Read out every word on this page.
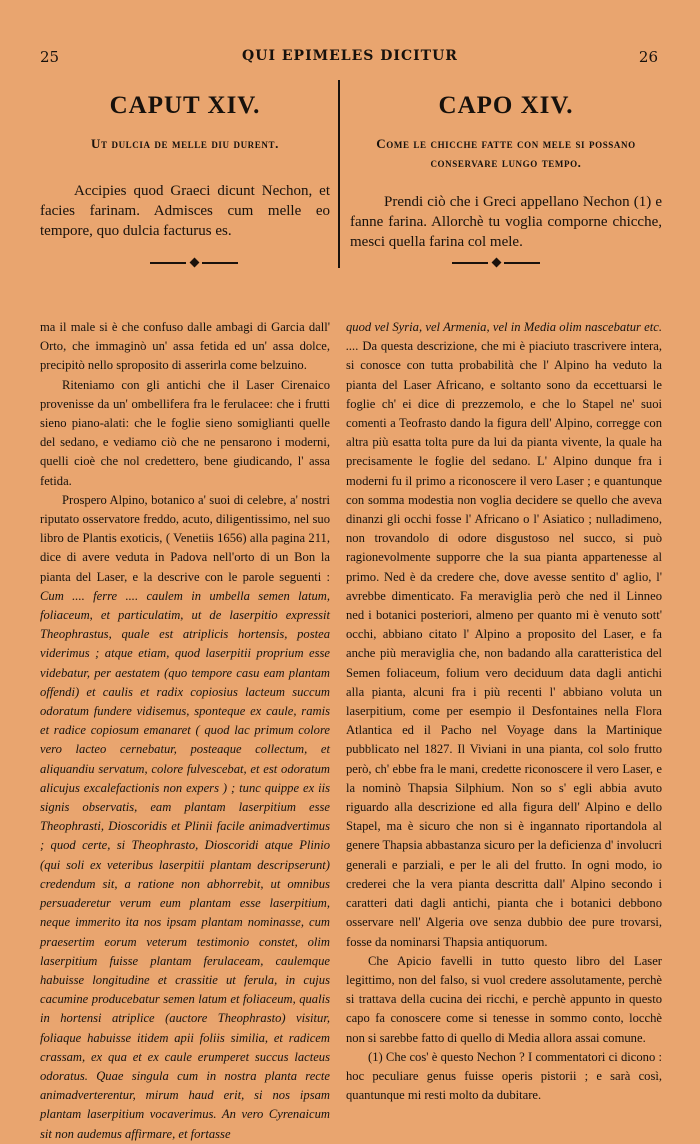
25	QUI EPIMELES DICITUR	26
CAPUT XIV.
Ut dulcia de melle diu durent.
Accipies quod Graeci dicunt Nechon, et facies farinam. Admisces cum melle eo tempore, quo dulcia facturus es.
CAPO XIV.
Come le chicche fatte con mele si possano
conservare lungo tempo.
Prendi ciò che i Greci appellano Nechon (1) e fanne farina. Allorchè tu voglia comporne chicche, mesci quella farina col mele.

ma il male si è che confuso dalle ambagi di Garcia dall' Orto, che immaginò un' assa fetida ed un' assa dolce, precipitò nello sproposito di asserirla come belzuino.

Riteniamo con gli antichi che il Laser Cirenaico provenisse da un' ombellifera fra le ferulacee: che i frutti sieno piano-alati: che le foglie sieno somiglianti quelle del sedano, e vediamo ciò che ne pensarono i moderni, quelli cioè che nol credettero, bene giudicando, l' assa fetida.

Prospero Alpino, botanico a' suoi di celebre, a' nostri riputato osservatore freddo, acuto, diligentissimo, nel suo libro de Plantis exoticis, ( Venetiis 1656) alla pagina 211, dice di avere veduta in Padova nell'orto di un Bon la pianta del Laser, e la descrive con le parole seguenti : Cum .... ferre .... caulem in umbella semen latum, foliaceum, et particulatim, ut de laserpitio expressit Theophrastus, quale est atriplicis hortensis, postea viderimus ; atque etiam, quod laserpitii proprium esse videbatur, per aestatem (quo tempore casu eam plantam offendi) et caulis et radix copiosius lacteum succum odoratum fundere vidisemus, sponteque ex caule, ramis et radice copiosum emanaret ( quod lac primum colore vero lacteo cernebatur, posteaque collectum, et aliquandiu servatum, colore fulvescebat, et est odoratum alicujus excalefactionis non expers ) ; tunc quippe ex iis signis observatis, eam plantam laserpitium esse Theophrasti, Dioscoridis et Plinii facile animadvertimus ; quod certe, si Theophrasto, Dioscoridi atque Plinio (qui soli ex veteribus laserpitii plantam descripserunt) credendum sit, a ratione non abhorrebit, ut omnibus persuaderetur verum eum plantam esse laserpitium, neque immerito ita nos ipsam plantam nominasse, cum praesertim eorum veterum testimonio constet, olim laserpitium fuisse plantam ferulaceam, caulemque habuisse longitudine et crassitie ut ferula, in cujus cacumine producebatur semen latum et foliaceum, qualis in hortensi atriplice (auctore Theophrasto) visitur, foliaque habuisse itidem apii foliis similia, et radicem crassam, ex qua et ex caule erumperet succus lacteus odoratus. Quae singula cum in nostra planta recte animadverterentur, mirum haud erit, si nos ipsam plantam laserpitium vocaverimus. An vero Cyrenaicum sit non audemus affirmare, et fortasse

quod vel Syria, vel Armenia, vel in Media olim nascebatur etc. .... Da questa descrizione, che mi è piaciuto trascrivere intera, si conosce con tutta probabilità che l' Alpino ha veduto la pianta del Laser Africano, e soltanto sono da eccettuarsi le foglie ch' ei dice di prezzemolo, e che lo Stapel ne' suoi comenti a Teofrasto dando la figura dell' Alpino, corregge con altra più esatta tolta pure da lui da pianta vivente, la quale ha precisamente le foglie del sedano. L' Alpino dunque fra i moderni fu il primo a riconoscere il vero Laser ; e quantunque con somma modestia non voglia decidere se quello che aveva dinanzi gli occhi fosse l' Africano o l' Asiatico ; nulladimeno, non trovandolo di odore disgustoso nel succo, si può ragionevolmente supporre che la sua pianta appartenesse al primo. Ned è da credere che, dove avesse sentito d' aglio, l' avrebbe dimenticato. Fa meraviglia però che ned il Linneo ned i botanici posteriori, almeno per quanto mi è venuto sott' occhi, abbiano citato l' Alpino a proposito del Laser, e fa anche più meraviglia che, non badando alla caratteristica del Semen foliaceum, folium vero deciduum data dagli antichi alla pianta, alcuni fra i più recenti l' abbiano voluta un laserpitium, come per esempio il Desfontaines nella Flora Atlantica ed il Pacho nel Voyage dans la Martinique pubblicato nel 1827. Il Viviani in una pianta, col solo frutto però, ch' ebbe fra le mani, credette riconoscere il vero Laser, e la nominò Thapsia Silphium. Non so s' egli abbia avuto riguardo alla descrizione ed alla figura dell' Alpino e dello Stapel, ma è sicuro che non si è ingannato riportandola al genere Thapsia abbastanza sicuro per la deficienza d' involucri generali e parziali, e per le ali del frutto. In ogni modo, io crederei che la vera pianta descritta dall' Alpino secondo i caratteri dati dagli antichi, pianta che i botanici debbono osservare nell' Algeria ove senza dubbio dee pure trovarsi, fosse da nominarsi Thapsia antiquorum.

Che Apicio favelli in tutto questo libro del Laser legittimo, non del falso, si vuol credere assolutamente, perchè si trattava della cucina dei ricchi, e perchè appunto in questo capo fa conoscere come si tenesse in sommo conto, locchè non si sarebbe fatto di quello di Media allora assai comune.

(1) Che cos' è questo Nechon ? I commentatori ci dicono : hoc peculiare genus fuisse operis pistorii ; e sarà così, quantunque mi resti molto da dubitare.
